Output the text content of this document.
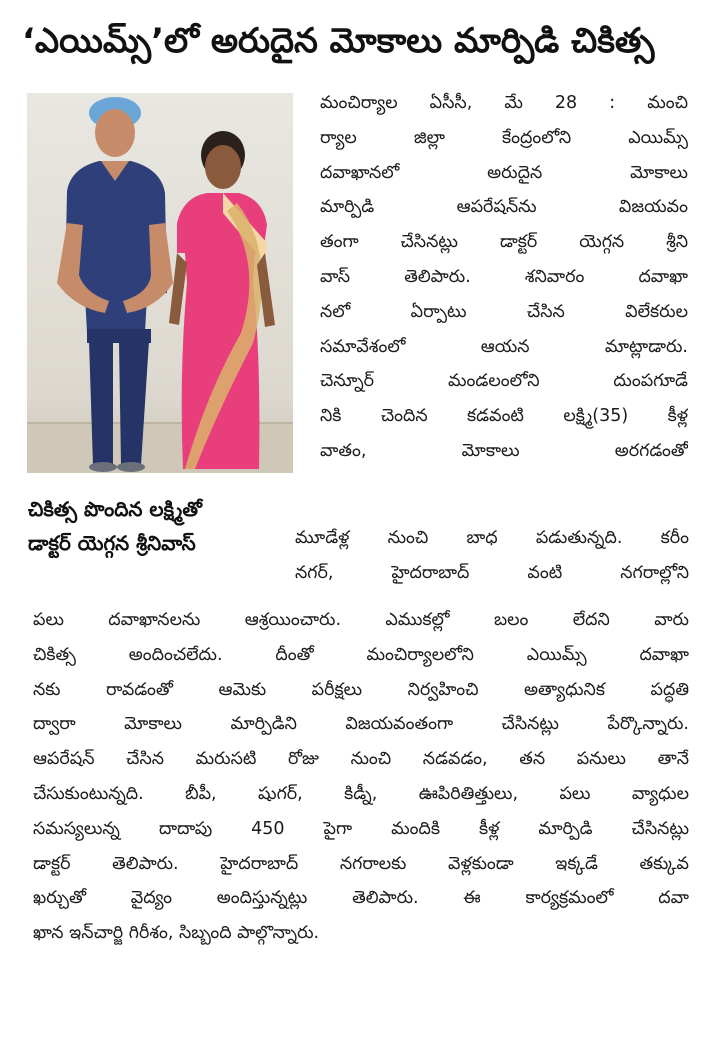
‘ఎయిమ్స్’లో అరుదైన మోకాలు మార్పిడి చికిత్స
చికిత్స పొందిన లక్ష్మితో
డాక్టర్ యెగ్గన శ్రీనివాస్
మంచిర్యాల ఏసీసీ, మే 28 : మంచి
ర్యాల జిల్లా కేంద్రంలోని ఎయిమ్స్
దవాఖానలో అరుదైన మోకాలు
మార్పిడి ఆపరేషన్‌ను విజయవం
తంగా చేసినట్లు డాక్టర్ యెగ్గన శ్రీని
వాస్ తెలిపారు. శనివారం దవాఖా
నలో ఏర్పాటు చేసిన విలేకరుల
సమావేశంలో ఆయన మాట్లాడారు.
చెన్నూర్ మండలంలోని దుంపగూడే
నికి చెందిన కడవంటి లక్ష్మి(35) కీళ్ల
వాతం, మోకాలు అరగడంతో
మూడేళ్ల నుంచి బాధ పడుతున్నది. కరీం
నగర్, హైదరాబాద్ వంటి నగరాల్లోని
పలు దవాఖానలను ఆశ్రయించారు. ఎముకల్లో బలం లేదని వారు
చికిత్స అందించలేదు. దీంతో మంచిర్యాలలోని ఎయిమ్స్ దవాఖా
నకు రావడంతో ఆమెకు పరీక్షలు నిర్వహించి అత్యాధునిక పద్ధతి
ద్వారా మోకాలు మార్పిడిని విజయవంతంగా చేసినట్లు పేర్కొన్నారు.
ఆపరేషన్ చేసిన మరుసటి రోజు నుంచి నడవడం, తన పనులు తానే
చేసుకుంటున్నది. బీపీ, షుగర్, కిడ్నీ, ఊపిరితిత్తులు, పలు వ్యాధుల
సమస్యలున్న దాదాపు 450 పైగా మందికి కీళ్ల మార్పిడి చేసినట్లు
డాక్టర్ తెలిపారు. హైదరాబాద్ నగరాలకు వెళ్లకుండా ఇక్కడే తక్కువ
ఖర్చుతో వైద్యం అందిస్తున్నట్లు తెలిపారు. ఈ కార్యక్రమంలో దవా
ఖాన ఇన్‌చార్జి గిరీశం, సిబ్బంది పాల్గొన్నారు.
